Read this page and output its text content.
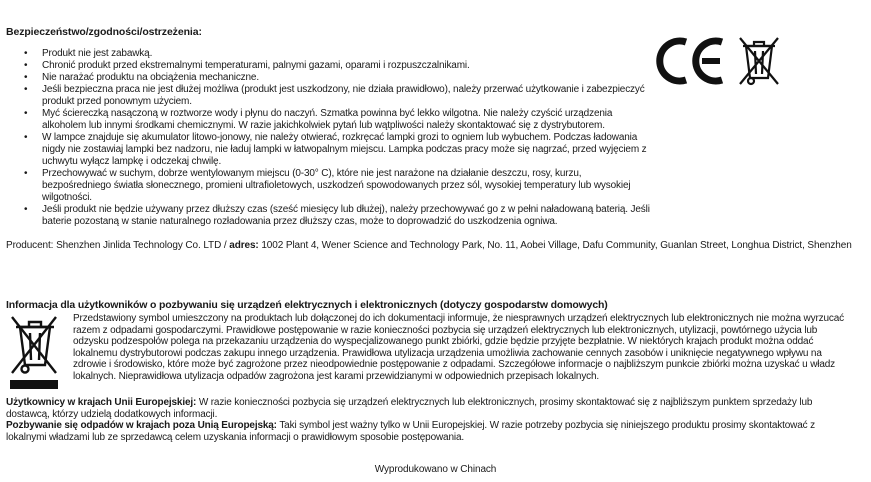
Bezpieczeństwo/zgodności/ostrzeżenia:
• Produkt nie jest zabawką.
• Chronić produkt przed ekstremalnymi temperaturami, palnymi gazami, oparami i rozpuszczalnikami.
• Nie narażać produktu na obciążenia mechaniczne.
• Jeśli bezpieczna praca nie jest dłużej możliwa (produkt jest uszkodzony, nie działa prawidłowo), należy przerwać użytkowanie i zabezpieczyć produkt przed ponownym użyciem.
• Myć ściereczką nasączoną w roztworze wody i płynu do naczyń. Szmatka powinna być lekko wilgotna. Nie należy czyścić urządzenia alkoholem lub innymi środkami chemicznymi. W razie jakichkolwiek pytań lub wątpliwości należy skontaktować się z dystrybutorem.
• W lampce znajduje się akumulator litowo-jonowy, nie należy otwierać, rozkręcać lampki grozi to ogniem lub wybuchem. Podczas ładowania nigdy nie zostawiaj lampki bez nadzoru, nie ładuj lampki w łatwopalnym miejscu. Lampka podczas pracy może się nagrzać, przed wyjęciem z uchwytu wyłącz lampkę i odczekaj chwilę.
• Przechowywać w suchym, dobrze wentylowanym miejscu (0-30° C), które nie jest narażone na działanie deszczu, rosy, kurzu, bezpośredniego światła słonecznego, promieni ultrafioletowych, uszkodzeń spowodowanych przez sól, wysokiej temperatury lub wysokiej wilgotności.
• Jeśli produkt nie będzie używany przez dłuższy czas (sześć miesięcy lub dłużej), należy przechowywać go z w pełni naładowaną baterią. Jeśli baterie pozostaną w stanie naturalnego rozładowania przez dłuższy czas, może to doprowadzić do uszkodzenia ogniwa.
Producent: Shenzhen Jinlida Technology Co. LTD / adres: 1002 Plant 4, Wener Science and Technology Park, No. 11, Aobei Village, Dafu Community, Guanlan Street, Longhua District, Shenzhen
Informacja dla użytkowników o pozbywaniu się urządzeń elektrycznych i elektronicznych (dotyczy gospodarstw domowych)
Przedstawiony symbol umieszczony na produktach lub dołączonej do ich dokumentacji informuje, że niesprawnych urządzeń elektrycznych lub elektronicznych nie można wyrzucać razem z odpadami gospodarczymi. Prawidłowe postępowanie w razie konieczności pozbycia się urządzeń elektrycznych lub elektronicznych, utylizacji, powtórnego użycia lub odzysku podzespołów polega na przekazaniu urządzenia do wyspecjalizowanego punkt zbiórki, gdzie będzie przyjęte bezpłatnie. W niektórych krajach produkt można oddać lokalnemu dystrybutorowi podczas zakupu innego urządzenia. Prawidłowa utylizacja urządzenia umożliwia zachowanie cennych zasobów i uniknięcie negatywnego wpływu na zdrowie i środowisko, które może być zagrożone przez nieodpowiednie postępowanie z odpadami. Szczegółowe informacje o najbliższym punkcie zbiórki można uzyskać u władz lokalnych. Nieprawidłowa utylizacja odpadów zagrożona jest karami przewidzianymi w odpowiednich przepisach lokalnych.
Użytkownicy w krajach Unii Europejskiej: W razie konieczności pozbycia się urządzeń elektrycznych lub elektronicznych, prosimy skontaktować się z najbliższym punktem sprzedaży lub dostawcą, którzy udzielą dodatkowych informacji.
Pozbywanie się odpadów w krajach poza Unią Europejską: Taki symbol jest ważny tylko w Unii Europejskiej. W razie potrzeby pozbycia się niniejszego produktu prosimy skontaktować z lokalnymi władzami lub ze sprzedawcą celem uzyskania informacji o prawidłowym sposobie postępowania.
Wyprodukowano w Chinach
